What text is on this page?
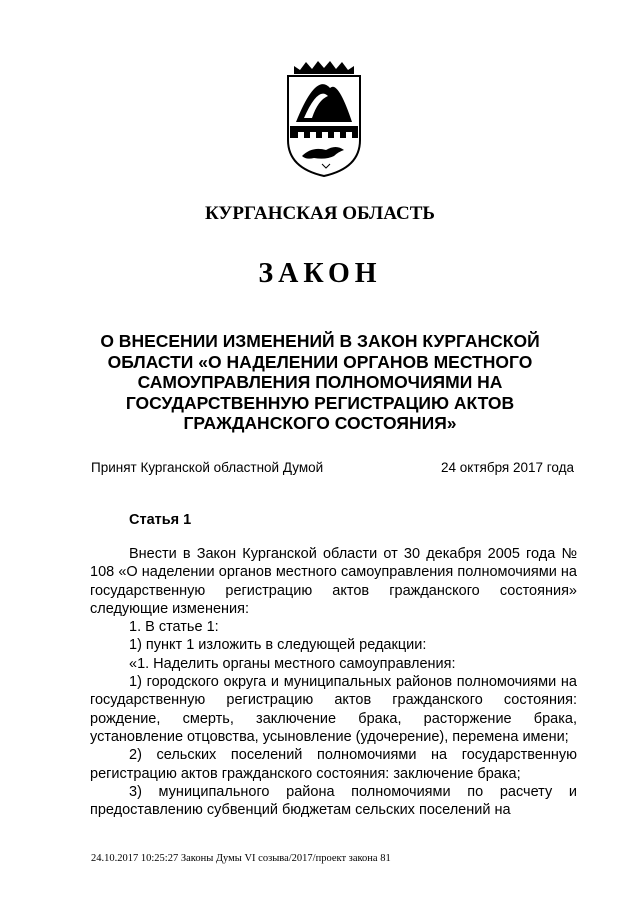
КУРГАНСКАЯ ОБЛАСТЬ
ЗАКОН
О ВНЕСЕНИИ ИЗМЕНЕНИЙ В ЗАКОН КУРГАНСКОЙ ОБЛАСТИ «О НАДЕЛЕНИИ ОРГАНОВ МЕСТНОГО САМОУПРАВЛЕНИЯ ПОЛНОМОЧИЯМИ НА ГОСУДАРСТВЕННУЮ РЕГИСТРАЦИЮ АКТОВ ГРАЖДАНСКОГО СОСТОЯНИЯ»
Принят Курганской областной Думой	24 октября 2017 года
Статья 1

Внести в Закон Курганской области от 30 декабря 2005 года № 108 «О наделении органов местного самоуправления полномочиями на государственную регистрацию актов гражданского состояния» следующие изменения:

1. В статье 1:

1) пункт 1 изложить в следующей редакции:

«1. Наделить органы местного самоуправления:

1) городского округа и муниципальных районов полномочиями на государственную регистрацию актов гражданского состояния: рождение, смерть, заключение брака, расторжение брака, установление отцовства, усыновление (удочерение), перемена имени;

2) сельских поселений полномочиями на государственную регистрацию актов гражданского состояния: заключение брака;

3) муниципального района полномочиями по расчету и предоставлению субвенций бюджетам сельских поселений на

24.10.2017 10:25:27 Законы Думы VI созыва/2017/проект закона 81
